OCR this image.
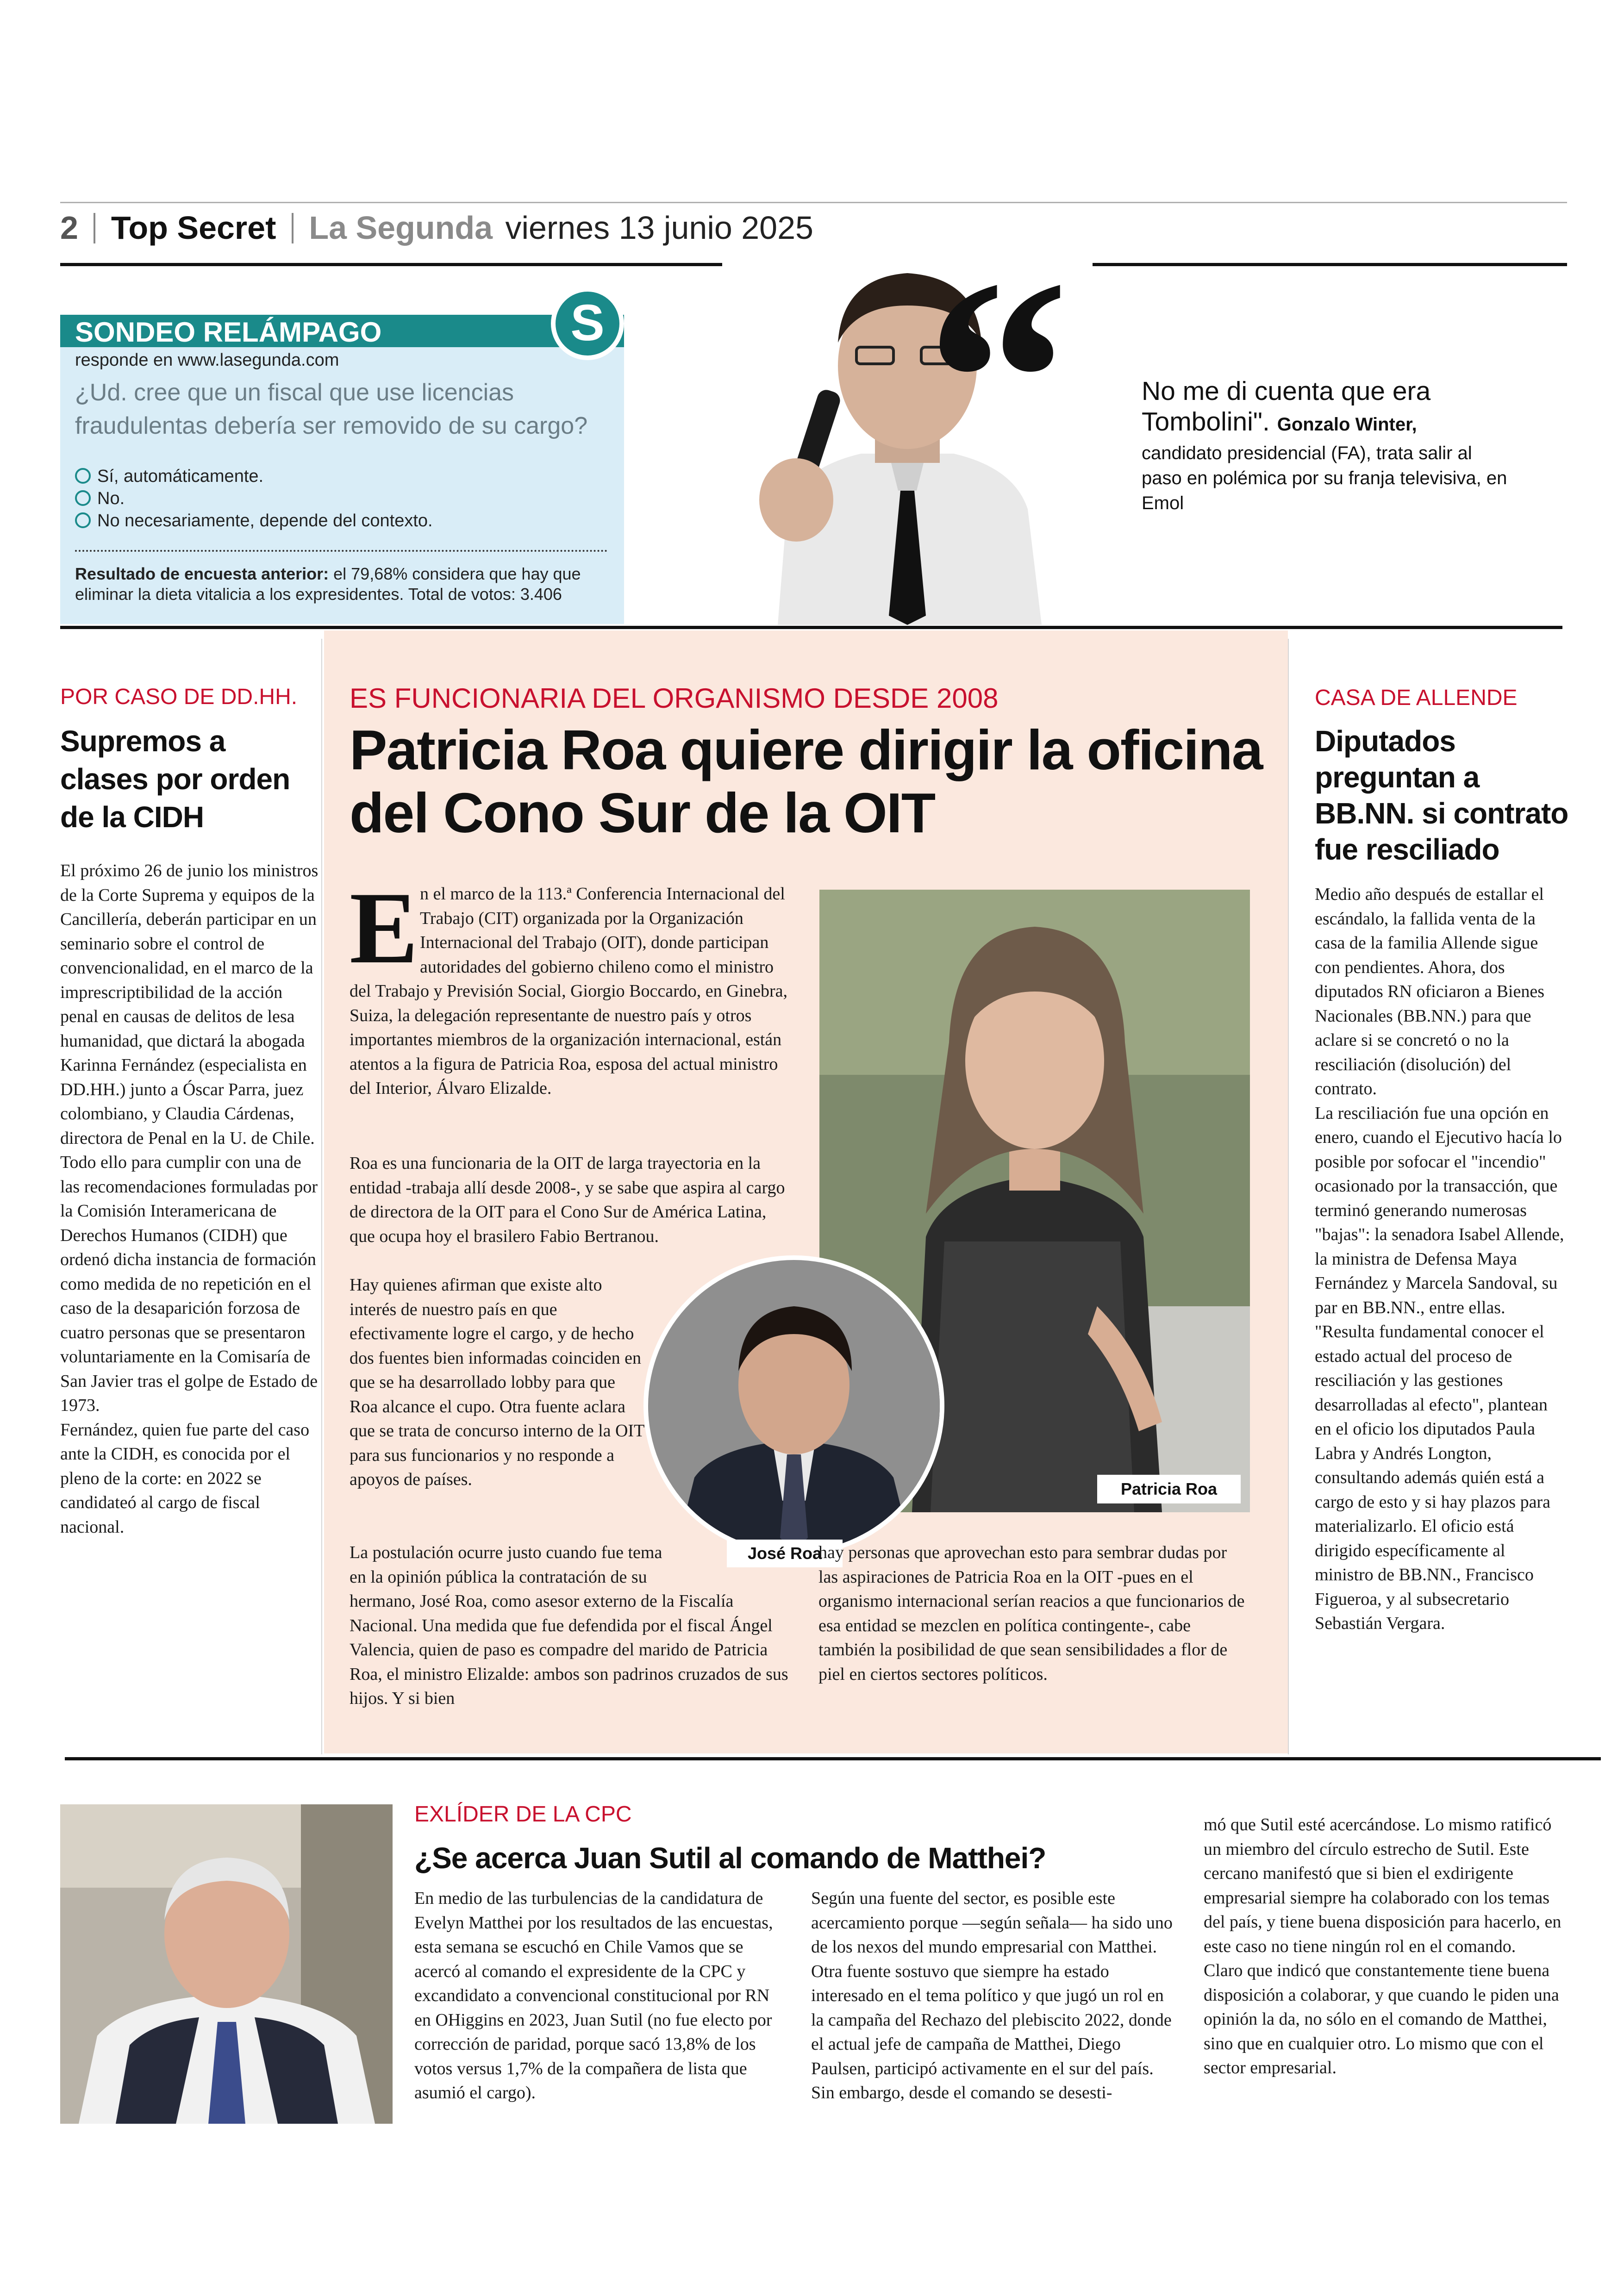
2 Top Secret La Segunda viernes 13 junio 2025
SONDEO RELÁMPAGO
responde en www.lasegunda.com
¿Ud. cree que un fiscal que use licencias fraudulentas debería ser removido de su cargo?
Sí, automáticamente.
No.
No necesariamente, depende del contexto.
Resultado de encuesta anterior: el 79,68% considera que hay que eliminar la dieta vitalicia a los expresidentes. Total de votos: 3.406
S “	No me di cuenta que era Tombolini". Gonzalo Winter,
candidato presidencial (FA), trata salir al paso en polémica por su franja televisiva, en Emol
POR CASO DE DD.HH.
Supremos a clases por orden de la CIDH

El próximo 26 de junio los ministros de la Corte Suprema y equipos de la Cancillería, deberán participar en un seminario sobre el control de convencionalidad, en el marco de la imprescriptibilidad de la acción penal en causas de delitos de lesa humanidad, que dictará la abogada Karinna Fernández (especialista en DD.HH.) junto a Óscar Parra, juez colombiano, y Claudia Cárdenas, directora de Penal en la U. de Chile.

Todo ello para cumplir con una de las recomendaciones formuladas por la Comisión Interamericana de Derechos Humanos (CIDH) que ordenó dicha instancia de formación como medida de no repetición en el caso de la desaparición forzosa de cuatro personas que se presentaron voluntariamente en la Comisaría de San Javier tras el golpe de Estado de 1973.

Fernández, quien fue parte del caso ante la CIDH, es conocida por el pleno de la corte: en 2022 se candidateó al cargo de fiscal nacional.

ES FUNCIONARIA DEL ORGANISMO DESDE 2008
Patricia Roa quiere dirigir la oficina del Cono Sur de la OIT
Patricia Roa
José Roa
E n el marco de la 113.ª Conferencia Internacional del Trabajo (CIT) organizada por la Organización Internacional del Trabajo (OIT), donde participan autoridades del gobierno chileno como el ministro del Trabajo y Previsión Social, Giorgio Boccardo, en Ginebra, Suiza, la delegación representante de nuestro país y otros importantes miembros de la organización internacional, están atentos a la figura de Patricia Roa, esposa del actual ministro del Interior, Álvaro Elizalde.
Roa es una funcionaria de la OIT de larga trayectoria en la entidad -trabaja allí desde 2008-, y se sabe que aspira al cargo de directora de la OIT para el Cono Sur de América Latina, que ocupa hoy el brasilero Fabio Bertranou.
Hay quienes afirman que existe alto interés de nuestro país en que efectivamente logre el cargo, y de hecho dos fuentes bien informadas coinciden en que se ha desarrollado lobby para que Roa alcance el cupo. Otra fuente aclara que se trata de concurso interno de la OIT para sus funcionarios y no responde a apoyos de países.
La postulación ocurre justo cuando fue tema en la opinión pública la contratación de su hermano, José Roa, como asesor externo de la Fiscalía Nacional. Una medida que fue defendida por el fiscal Ángel Valencia, quien de paso es compadre del marido de Patricia Roa, el ministro Elizalde: ambos son padrinos cruzados de sus hijos. Y si bien
hay personas que aprovechan esto para sembrar dudas por las aspiraciones de Patricia Roa en la OIT -pues en el organismo internacional serían reacios a que funcionarios de esa entidad se mezclen en política contingente-, cabe también la posibilidad de que sean sensibilidades a flor de piel en ciertos sectores políticos.
CASA DE ALLENDE
Diputados preguntan a BB.NN. si contrato fue resciliado

Medio año después de estallar el escándalo, la fallida venta de la casa de la familia Allende sigue con pendientes. Ahora, dos diputados RN oficiaron a Bienes Nacionales (BB.NN.) para que aclare si se concretó o no la resciliación (disolución) del contrato.

La resciliación fue una opción en enero, cuando el Ejecutivo hacía lo posible por sofocar el "incendio" ocasionado por la transacción, que terminó generando numerosas "bajas": la senadora Isabel Allende, la ministra de Defensa Maya Fernández y Marcela Sandoval, su par en BB.NN., entre ellas.

"Resulta fundamental conocer el estado actual del proceso de resciliación y las gestiones desarrolladas al efecto", plantean en el oficio los diputados Paula Labra y Andrés Longton, consultando además quién está a cargo de esto y si hay plazos para materializarlo. El oficio está dirigido específicamente al ministro de BB.NN., Francisco Figueroa, y al subsecretario Sebastián Vergara.

EXLÍDER DE LA CPC
¿Se acerca Juan Sutil al comando de Matthei?
En medio de las turbulencias de la candidatura de Evelyn Matthei por los resultados de las encuestas, esta semana se escuchó en Chile Vamos que se acercó al comando el expresidente de la CPC y excandidato a convencional constitucional por RN en OHiggins en 2023, Juan Sutil (no fue electo por corrección de paridad, porque sacó 13,8% de los votos versus 1,7% de la compañera de lista que asumió el cargo).

Según una fuente del sector, es posible este acercamiento porque —según señala— ha sido uno de los nexos del mundo empresarial con Matthei. Otra fuente sostuvo que siempre ha estado interesado en el tema político y que jugó un rol en la campaña del Rechazo del plebiscito 2022, donde el actual jefe de campaña de Matthei, Diego Paulsen, participó activamente en el sur del país.

Sin embargo, desde el comando se desesti-

mó que Sutil esté acercándose. Lo mismo ratificó un miembro del círculo estrecho de Sutil. Este cercano manifestó que si bien el exdirigente empresarial siempre ha colaborado con los temas del país, y tiene buena disposición para hacerlo, en este caso no tiene ningún rol en el comando.

Claro que indicó que constantemente tiene buena disposición a colaborar, y que cuando le piden una opinión la da, no sólo en el comando de Matthei, sino que en cualquier otro. Lo mismo que con el sector empresarial.
